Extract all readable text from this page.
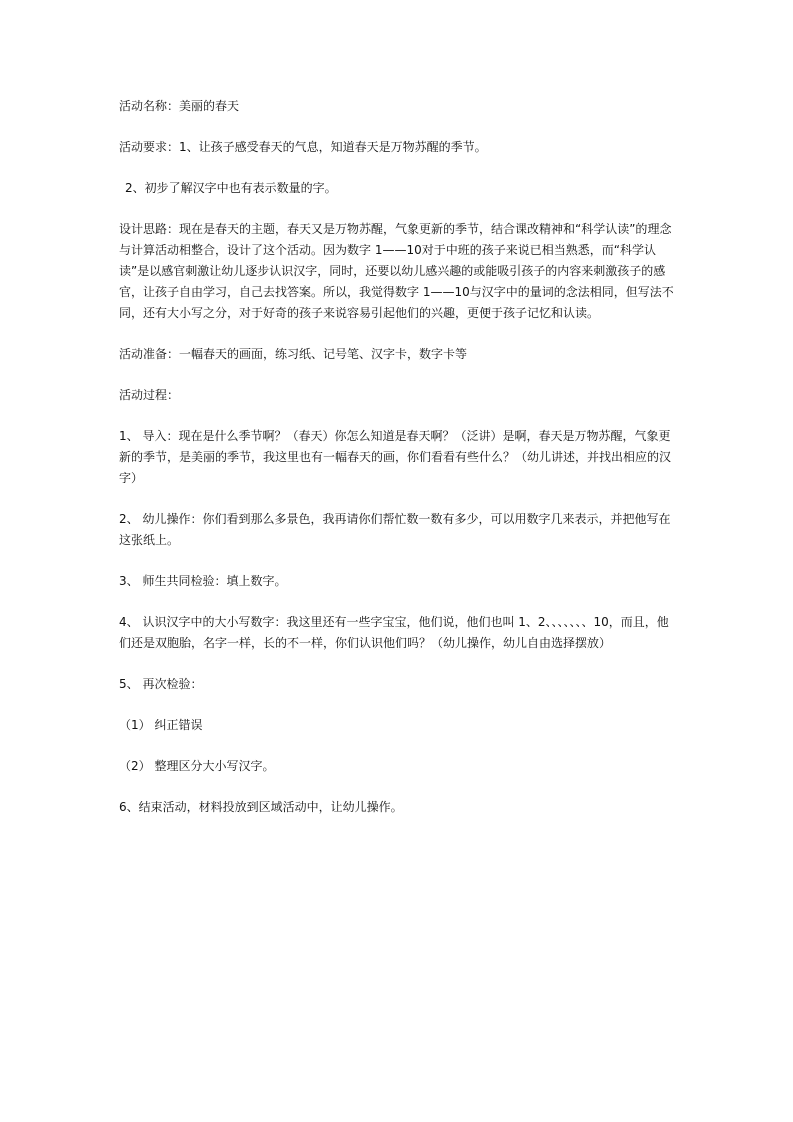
活动名称：美丽的春天

活动要求：1、让孩子感受春天的气息，知道春天是万物苏醒的季节。

2、初步了解汉字中也有表示数量的字。

设计思路：现在是春天的主题，春天又是万物苏醒，气象更新的季节，结合课改精神和“科学认读”的理念与计算活动相整合，设计了这个活动。因为数字 1——10对于中班的孩子来说已相当熟悉，而“科学认读”是以感官刺激让幼儿逐步认识汉字，同时，还要以幼儿感兴趣的或能吸引孩子的内容来刺激孩子的感官，让孩子自由学习，自己去找答案。所以，我觉得数字 1——10与汉字中的量词的念法相同，但写法不同，还有大小写之分，对于好奇的孩子来说容易引起他们的兴趣，更便于孩子记忆和认读。

活动准备：一幅春天的画面，练习纸、记号笔、汉字卡，数字卡等

活动过程：

1、 导入：现在是什么季节啊？（春天）你怎么知道是春天啊？（泛讲）是啊，春天是万物苏醒，气象更新的季节，是美丽的季节，我这里也有一幅春天的画，你们看看有些什么？（幼儿讲述，并找出相应的汉字）

2、 幼儿操作：你们看到那么多景色，我再请你们帮忙数一数有多少，可以用数字几来表示，并把他写在这张纸上。

3、 师生共同检验：填上数字。

4、 认识汉字中的大小写数字：我这里还有一些字宝宝，他们说，他们也叫 1、2、、、、、、、10，而且，他们还是双胞胎，名字一样，长的不一样，你们认识他们吗？（幼儿操作，幼儿自由选择摆放）

5、 再次检验：

（1） 纠正错误

（2） 整理区分大小写汉字。

6、结束活动，材料投放到区域活动中，让幼儿操作。
